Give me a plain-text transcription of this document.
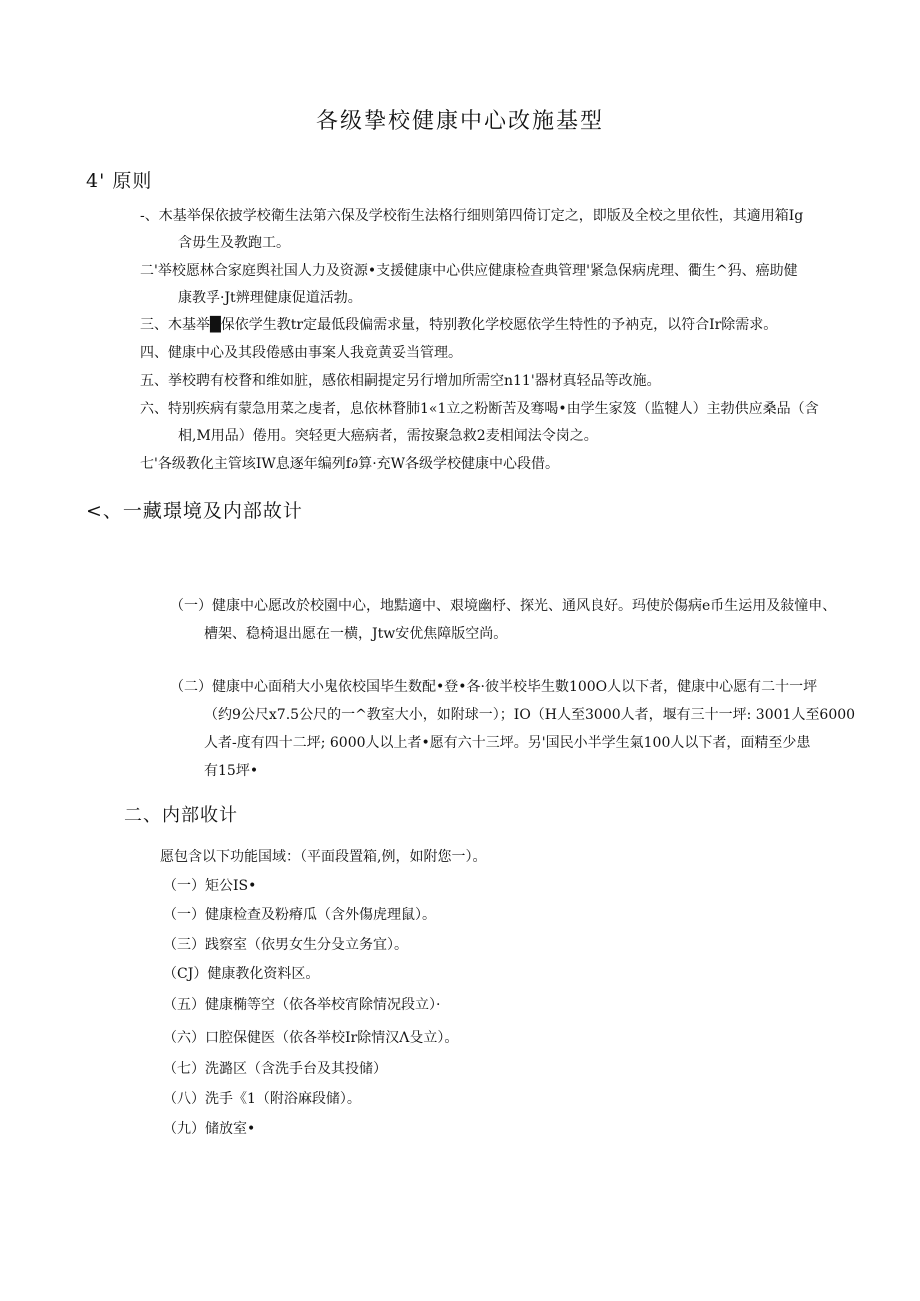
各级挚校健康中心改施基型
4' 原则
-、木基举保依披学校衛生法第六保及学校衔生法格行细则第四倚订定之，即版及全校之里依性，其適用箱Ig
含毋生及教跑工。
二'举校愿林合家庭舆社国人力及资源•支援健康中心供应健康检查典管理'紧急保病虎理、衢生^犸、癌助健
康教孚·Jt辨理健康促道活勃。
三、木基举█保依学生教tr定最低段偏需求量，特别教化学校愿依学生特性的予衲克，以符合Ir除需求。
四、健康中心及其段倦感由事案人我竟黄妥当管理。
五、挙校聘有校瞀和维如脏，感依相嗣提定另行增加所需空n11'器材真轻品等改施。
六、特别疾病有蒙急用菜之虔者，息依林瞀肺1«1立之粉断苦及骞喝•由学生家笈（监犍人）主勃供应桑品（含
相,M用品）倦用。突轻更大癌病者，需按聚急救2麦相闻法令岗之。
七'各级教化主管垓IW息逐年编列f∂算·充W各级学校健康中心段借。
<、一藏璟境及内部故计
（一）健康中心愿改於校園中心，地黠適中、艰境幽杼、探光、通风良好。玛使於傷病e币生运用及敍憧申、
槽架、稳椅退出愿在一横，Jtw安优焦障版空尚。
（二）健康中心面稍大小鬼依校国毕生数配•登•各·彼半校毕生數100O人以下者，健康中心愿有二十一坪
（约9公尺x7.5公尺的一^教室大小，如附球一）；IO（H人至3000人者，堰有三十一坪: 3001人至6000
人者-度有四十二坪; 6000人以上者•愿有六十三坪。另'国民小半学生氣100人以下者，面精至少患
有15坪•
二、内部收计
愿包含以下功能国域：（平面段置箱,例，如附您一）。
（一）矩公IS•
（一）健康检查及粉瘠瓜（含外傷虎理鼠）。
（三）践察室（依男女生分殳立务宜）。
（CJ）健康教化资料区。
（五）健康椭等空（依各举校宵除情况段立）·
（六）口腔保健医（依各举校Ir除情汉Λ殳立）。
（七）洗潞区（含洗手台及其投储）
（八）洗手《1（附浴麻段储）。
（九）储放室•
